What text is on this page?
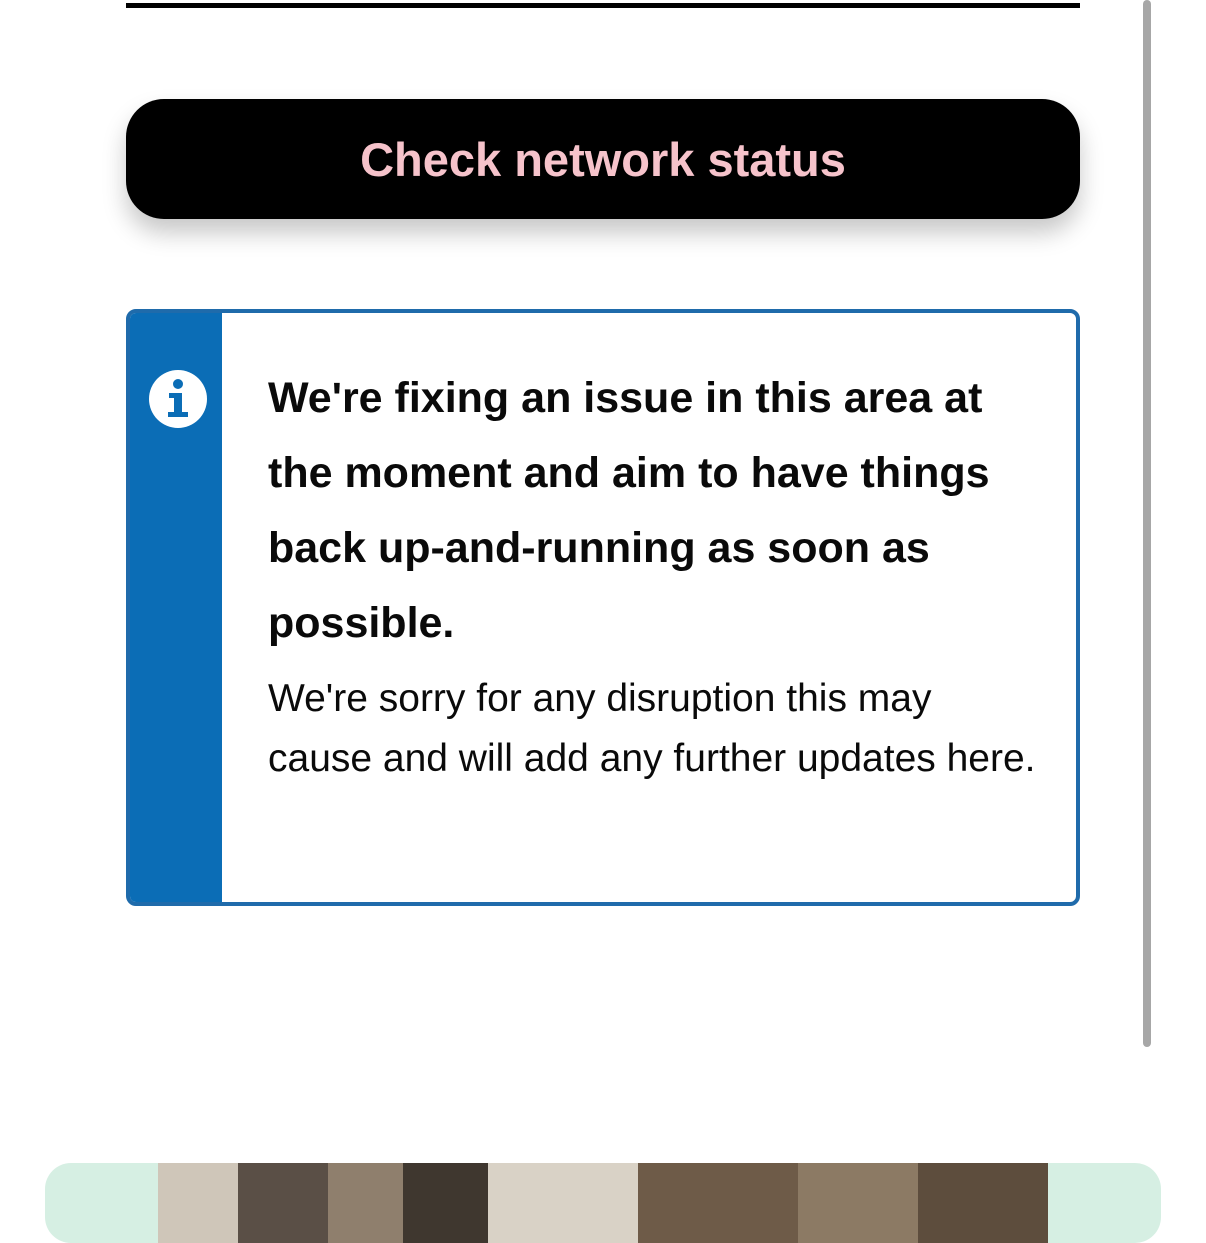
Check network status

We're fixing an issue in this area at the moment and aim to have things back up-and-running as soon as possible.

We're sorry for any disruption this may cause and will add any further updates here.
